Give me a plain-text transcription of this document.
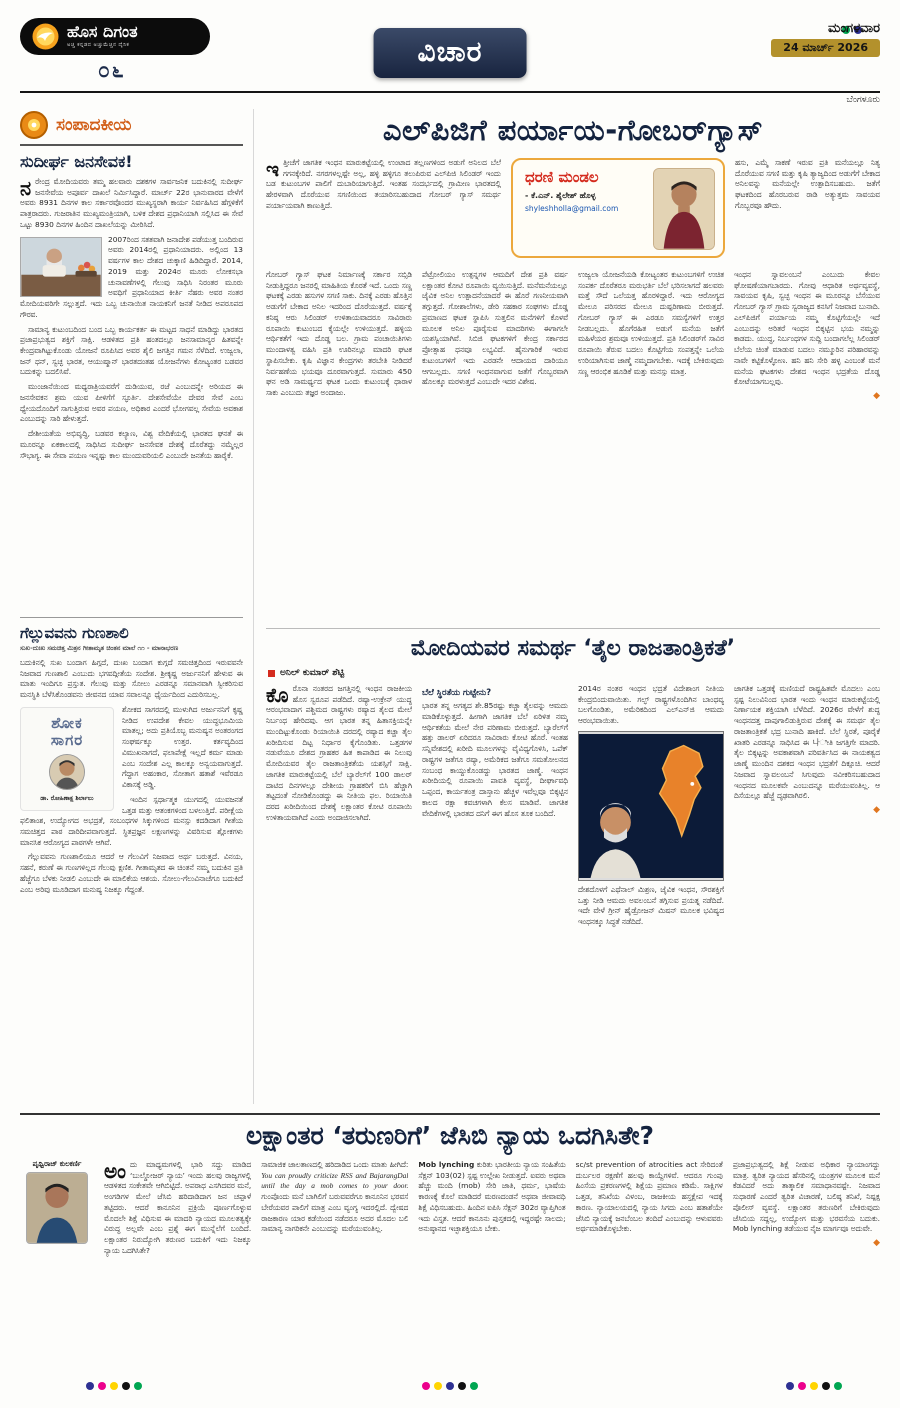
ಹೊಸ ದಿಗಂತ
ಅಚ್ಚ ಕನ್ನಡದ ಅಚ್ಚುಮೆಚ್ಚಿನ ದೈನಿಕ
೦೬
ವಿಚಾರ
ಮಂಗಳವಾರ
24 ಮಾರ್ಚ್ 2026
ಬೆಂಗಳೂರು
ಸಂಪಾದಕೀಯ
ಸುದೀರ್ಘ ಜನಸೇವಕ!

ನರೇಂದ್ರ ಮೋದಿಯವರು ತಮ್ಮ ಹಲವಾರು ದಶಕಗಳ ಸಾರ್ವಜನಿಕ ಬದುಕಿನಲ್ಲಿ ಸುದೀರ್ಘ ಜನಸೇವೆಯ ಅಪೂರ್ವ ದಾಖಲೆ ನಿರ್ಮಿಸಿದ್ದಾರೆ. ಮಾರ್ಚ್ 22ರ ಭಾನುವಾರದ ವೇಳೆಗೆ ಅವರು 8931 ದಿನಗಳ ಕಾಲ ಸರ್ಕಾರವೊಂದರ ಮುಖ್ಯಸ್ಥರಾಗಿ ಕಾರ್ಯ ನಿರ್ವಹಿಸಿದ ಹೆಗ್ಗಳಿಕೆಗೆ ಪಾತ್ರರಾದರು. ಗುಜರಾತಿನ ಮುಖ್ಯಮಂತ್ರಿಯಾಗಿ, ಬಳಿಕ ದೇಶದ ಪ್ರಧಾನಿಯಾಗಿ ಸಲ್ಲಿಸಿದ ಈ ಸೇವೆ ಒಟ್ಟು 8930 ದಿನಗಳ ಹಿಂದಿನ ದಾಖಲೆಯನ್ನು ಮೀರಿಸಿದೆ.

2007ರಿಂದ ಸತತವಾಗಿ ಜನಾದೇಶ ಪಡೆಯುತ್ತ ಬಂದಿರುವ ಅವರು 2014ರಲ್ಲಿ ಪ್ರಧಾನಿಯಾದರು. ಅಲ್ಲಿಂದ 13 ವರ್ಷಗಳ ಕಾಲ ದೇಶದ ಚುಕ್ಕಾಣಿ ಹಿಡಿದಿದ್ದಾರೆ. 2014, 2019 ಮತ್ತು 2024ರ ಮೂರು ಲೋಕಸಭಾ ಚುನಾವಣೆಗಳಲ್ಲಿ ಗೆಲುವು ಸಾಧಿಸಿ ನಿರಂತರ ಮೂರು ಅವಧಿಗೆ ಪ್ರಧಾನಿಯಾದ ಕೀರ್ತಿ ನೆಹರು ಅವರ ನಂತರ ಮೋದಿಯವರಿಗೇ ಸಲ್ಲುತ್ತದೆ. ಇದು ಒಬ್ಬ ಚುನಾಯಿತ ನಾಯಕನಿಗೆ ಜನತೆ ನೀಡಿದ ಅಪರೂಪದ ಗೌರವ.

ಸಾಮಾನ್ಯ ಕುಟುಂಬದಿಂದ ಬಂದ ಒಬ್ಬ ಕಾರ್ಯಕರ್ತ ಈ ಮಟ್ಟದ ಸಾಧನೆ ಮಾಡಿದ್ದು ಭಾರತದ ಪ್ರಜಾಪ್ರಭುತ್ವದ ಶಕ್ತಿಗೆ ಸಾಕ್ಷಿ. ಆಡಳಿತದ ಪ್ರತಿ ಹಂತದಲ್ಲೂ ಜನಸಾಮಾನ್ಯರ ಹಿತವನ್ನೇ ಕೇಂದ್ರವಾಗಿಟ್ಟುಕೊಂಡು ಯೋಜನೆ ರೂಪಿಸಿದ ಅವರ ಶೈಲಿ ಜಗತ್ತಿನ ಗಮನ ಸೆಳೆದಿದೆ. ಉಜ್ವಲಾ, ಜನ್ ಧನ್, ಸ್ವಚ್ಛ ಭಾರತ, ಆಯುಷ್ಮಾನ್ ಭಾರತದಂತಹ ಯೋಜನೆಗಳು ಕೋಟ್ಯಂತರ ಬಡವರ ಬದುಕನ್ನು ಬದಲಿಸಿವೆ.

ಮುಂಜಾನೆಯಿಂದ ಮಧ್ಯರಾತ್ರಿಯವರೆಗೆ ದುಡಿಯುವ, ರಜೆ ಎಂಬುದನ್ನೇ ಅರಿಯದ ಈ ಜನಸೇವಕನ ಶ್ರಮ ಯುವ ಪೀಳಿಗೆಗೆ ಸ್ಫೂರ್ತಿ. ದೇಶಸೇವೆಯೇ ದೇವರ ಸೇವೆ ಎಂಬ ಧ್ಯೇಯದೊಂದಿಗೆ ಸಾಗುತ್ತಿರುವ ಅವರ ಪಯಣ, ಅಧಿಕಾರ ಎಂದರೆ ಭೋಗವಲ್ಲ ಸೇವೆಯ ಅವಕಾಶ ಎಂಬುದನ್ನು ಸಾರಿ ಹೇಳುತ್ತದೆ.

ದೇಶೀಯತೆಯ ಅಭಿವೃದ್ಧಿ, ಬಡವರ ಕಲ್ಯಾಣ, ವಿಶ್ವ ವೇದಿಕೆಯಲ್ಲಿ ಭಾರತದ ಘನತೆ ಈ ಮೂರನ್ನೂ ಏಕಕಾಲದಲ್ಲಿ ಸಾಧಿಸಿದ ಸುದೀರ್ಘ ಜನಸೇವಕ ದೇಶಕ್ಕೆ ದೊರೆತದ್ದು ನಮ್ಮೆಲ್ಲರ ಸೌಭಾಗ್ಯ. ಈ ಸೇವಾ ಪಯಣ ಇನ್ನಷ್ಟು ಕಾಲ ಮುಂದುವರಿಯಲಿ ಎಂಬುದೇ ಜನತೆಯ ಹಾರೈಕೆ.

ಗೆಲ್ಲುವವನು ಗುಣಶಾಲಿ
ಸುಖ-ದುಃಖ ಸಮಚಿತ್ತ ಮಿತ್ರನ ಗೀತಾಮೃತ ಚಿಂತನ ಮಾಲೆ ೧೧ - ಮಾನಾಭರಣ

ಬದುಕಿನಲ್ಲಿ ಸುಖ ಬಂದಾಗ ಹಿಗ್ಗದೆ, ದುಃಖ ಬಂದಾಗ ಕುಗ್ಗದೆ ಸಮಚಿತ್ತದಿಂದ ಇರುವವನೇ ನಿಜವಾದ ಗುಣಶಾಲಿ ಎಂಬುದು ಭಗವದ್ಗೀತೆಯ ಸಂದೇಶ. ಶ್ರೀಕೃಷ್ಣ ಅರ್ಜುನನಿಗೆ ಹೇಳುವ ಈ ಮಾತು ಇಂದಿಗೂ ಪ್ರಸ್ತುತ. ಗೆಲುವು ಮತ್ತು ಸೋಲು ಎರಡನ್ನೂ ಸಮಾನವಾಗಿ ಸ್ವೀಕರಿಸುವ ಮನಸ್ಥಿತಿ ಬೆಳೆಸಿಕೊಂಡವನು ಜೀವನದ ಯಾವ ಸವಾಲನ್ನೂ ಧೈರ್ಯದಿಂದ ಎದುರಿಸಬಲ್ಲ.

ಶೋಕ
ಸಾಗರ
ಡಾ. ರೋಹಿಣಾಕ್ಷ ಶಿರ್ಲಾಲು

ಶೋಕದ ಸಾಗರದಲ್ಲಿ ಮುಳುಗಿದ ಅರ್ಜುನನಿಗೆ ಕೃಷ್ಣ ನೀಡಿದ ಉಪದೇಶ ಕೇವಲ ಯುದ್ಧಭೂಮಿಯ ಮಾತಲ್ಲ; ಅದು ಪ್ರತಿಯೊಬ್ಬ ಮನುಷ್ಯನ ಅಂತರಂಗದ ಸಂಘರ್ಷಕ್ಕೂ ಉತ್ತರ. ಕರ್ತವ್ಯದಿಂದ ವಿಮುಖನಾಗದೆ, ಫಲಾಪೇಕ್ಷೆ ಇಲ್ಲದೆ ಕರ್ಮ ಮಾಡು ಎಂಬ ಸಂದೇಶ ಎಲ್ಲ ಕಾಲಕ್ಕೂ ಅನ್ವಯವಾಗುತ್ತದೆ. ಗೆದ್ದಾಗ ಅಹಂಕಾರ, ಸೋತಾಗ ಹತಾಶೆ ಇವೆರಡೂ ವಿಕಾಸಕ್ಕೆ ಅಡ್ಡಿ.

ಇಂದಿನ ಸ್ಪರ್ಧಾತ್ಮಕ ಯುಗದಲ್ಲಿ ಯುವಜನತೆ ಒತ್ತಡ ಮತ್ತು ಆತಂಕಗಳಿಂದ ಬಳಲುತ್ತಿದೆ. ಪರೀಕ್ಷೆಯ ಫಲಿತಾಂಶ, ಉದ್ಯೋಗದ ಅಭದ್ರತೆ, ಸಂಬಂಧಗಳ ಸಿಕ್ಕುಗಳಿಂದ ಮನಸ್ಸು ಕದಡಿದಾಗ ಗೀತೆಯ ಸಮಚಿತ್ತದ ಪಾಠ ದಾರಿದೀಪವಾಗುತ್ತದೆ. ಸ್ಥಿತಪ್ರಜ್ಞನ ಲಕ್ಷಣಗಳನ್ನು ವಿವರಿಸುವ ಶ್ಲೋಕಗಳು ಮಾನಸಿಕ ಆರೋಗ್ಯದ ಪಾಠಗಳೇ ಆಗಿವೆ.

ಗೆಲ್ಲುವವನು ಗುಣಶಾಲಿಯೂ ಆದರೆ ಆ ಗೆಲುವಿಗೆ ನಿಜವಾದ ಅರ್ಥ ಬರುತ್ತದೆ. ವಿನಯ, ಸಹನೆ, ಕರುಣೆ ಈ ಗುಣಗಳಿಲ್ಲದ ಗೆಲುವು ಕ್ಷಣಿಕ. ಗೀತಾಮೃತದ ಈ ಚಿಂತನೆ ನಮ್ಮ ಬದುಕಿನ ಪ್ರತಿ ಹೆಜ್ಜೆಗೂ ಬೆಳಕು ನೀಡಲಿ ಎಂಬುದೇ ಈ ಮಾಲಿಕೆಯ ಆಶಯ. ಸೋಲು-ಗೆಲುವಿನಾಚೆಗೂ ಬದುಕಿದೆ ಎಂಬ ಅರಿವು ಮೂಡಿದಾಗ ಮನುಷ್ಯ ನಿಜಕ್ಕೂ ಗೆದ್ದಂತೆ.

ಎಲ್‌ಪಿಜಿಗೆ ಪರ್ಯಾಯ-ಗೋಬರ್‌ಗ್ಯಾಸ್

ಇತ್ತೀಚೆಗೆ ಜಾಗತಿಕ ಇಂಧನ ಮಾರುಕಟ್ಟೆಯಲ್ಲಿ ಉಂಟಾದ ತಲ್ಲಣಗಳಿಂದ ಅಡುಗೆ ಅನಿಲದ ಬೆಲೆ ಗಗನಕ್ಕೇರಿದೆ. ನಗರಗಳಲ್ಲಷ್ಟೇ ಅಲ್ಲ, ಹಳ್ಳಿ ಹಳ್ಳಿಗೂ ತಲುಪಿರುವ ಎಲ್‌ಪಿಜಿ ಸಿಲಿಂಡರ್ ಇಂದು ಬಡ ಕುಟುಂಬಗಳ ಪಾಲಿಗೆ ದುಬಾರಿಯಾಗುತ್ತಿದೆ. ಇಂತಹ ಸಂದರ್ಭದಲ್ಲಿ ಗ್ರಾಮೀಣ ಭಾರತದಲ್ಲಿ ಹೇರಳವಾಗಿ ದೊರೆಯುವ ಸಗಣಿಯಿಂದ ತಯಾರಿಸಬಹುದಾದ ಗೋಬರ್ ಗ್ಯಾಸ್ ಸಮರ್ಥ ಪರ್ಯಾಯವಾಗಿ ಕಾಣುತ್ತಿದೆ.

ಧರಣಿ ಮಂಡಲ
- ಕೆ.ಎನ್. ಶೈಲೇಶ್ ಹೊಳ್ಳ
shyleshholla@gmail.com

ಹಸು, ಎಮ್ಮೆ ಸಾಕಣೆ ಇರುವ ಪ್ರತಿ ಮನೆಯಲ್ಲೂ ನಿತ್ಯ ದೊರೆಯುವ ಸಗಣಿ ಮತ್ತು ಕೃಷಿ ತ್ಯಾಜ್ಯದಿಂದ ಅಡುಗೆಗೆ ಬೇಕಾದ ಅನಿಲವನ್ನು ಮನೆಯಲ್ಲೇ ಉತ್ಪಾದಿಸಬಹುದು. ಜತೆಗೆ ಘಟಕದಿಂದ ಹೊರಬರುವ ರಾಡಿ ಅತ್ಯುತ್ತಮ ಸಾವಯವ ಗೊಬ್ಬರವೂ ಹೌದು.

ಗೋಬರ್ ಗ್ಯಾಸ್ ಘಟಕ ನಿರ್ಮಾಣಕ್ಕೆ ಸರ್ಕಾರ ಸಬ್ಸಿಡಿ ನೀಡುತ್ತಿದ್ದರೂ ಜನರಲ್ಲಿ ಮಾಹಿತಿಯ ಕೊರತೆ ಇದೆ. ಒಂದು ಸಣ್ಣ ಘಟಕಕ್ಕೆ ಎರಡು ಹಸುಗಳ ಸಗಣಿ ಸಾಕು. ದಿನಕ್ಕೆ ಎರಡು ಹೊತ್ತಿನ ಅಡುಗೆಗೆ ಬೇಕಾದ ಅನಿಲ ಇದರಿಂದ ದೊರೆಯುತ್ತದೆ. ವರ್ಷಕ್ಕೆ ಕನಿಷ್ಠ ಆರು ಸಿಲಿಂಡರ್ ಉಳಿತಾಯವಾದರೂ ಸಾವಿರಾರು ರೂಪಾಯಿ ಕುಟುಂಬದ ಕೈಯಲ್ಲೇ ಉಳಿಯುತ್ತದೆ. ಹಳ್ಳಿಯ ಆರ್ಥಿಕತೆಗೆ ಇದು ದೊಡ್ಡ ಬಲ. ಗ್ರಾಮ ಪಂಚಾಯಿತಿಗಳು ಮುಂದಾಳತ್ವ ವಹಿಸಿ ಪ್ರತಿ ಊರಿನಲ್ಲೂ ಮಾದರಿ ಘಟಕ ಸ್ಥಾಪಿಸಬೇಕು. ಕೃಷಿ ವಿಜ್ಞಾನ ಕೇಂದ್ರಗಳು ತರಬೇತಿ ನೀಡಿದರೆ ನಿರ್ವಹಣೆಯ ಭಯವೂ ದೂರವಾಗುತ್ತದೆ. ಸುಮಾರು 450 ಘನ ಅಡಿ ಸಾಮರ್ಥ್ಯದ ಘಟಕ ಒಂದು ಕುಟುಂಬಕ್ಕೆ ಧಾರಾಳ ಸಾಕು ಎಂಬುದು ತಜ್ಞರ ಅಂದಾಜು.

ಪೆಟ್ರೋಲಿಯಂ ಉತ್ಪನ್ನಗಳ ಆಮದಿಗೆ ದೇಶ ಪ್ರತಿ ವರ್ಷ ಲಕ್ಷಾಂತರ ಕೋಟಿ ರೂಪಾಯಿ ವ್ಯಯಿಸುತ್ತಿದೆ. ಮನೆಮನೆಯಲ್ಲೂ ಜೈವಿಕ ಅನಿಲ ಉತ್ಪಾದನೆಯಾದರೆ ಈ ಹೊರೆ ಗಣನೀಯವಾಗಿ ತಗ್ಗುತ್ತದೆ. ಗೋಶಾಲೆಗಳು, ಡೇರಿ ಸಹಕಾರ ಸಂಘಗಳು ದೊಡ್ಡ ಪ್ರಮಾಣದ ಘಟಕ ಸ್ಥಾಪಿಸಿ ಸುತ್ತಲಿನ ಮನೆಗಳಿಗೆ ಕೊಳವೆ ಮೂಲಕ ಅನಿಲ ಪೂರೈಸುವ ಮಾದರಿಗಳು ಈಗಾಗಲೇ ಯಶಸ್ವಿಯಾಗಿವೆ. ಸಿಬಿಜಿ ಘಟಕಗಳಿಗೆ ಕೇಂದ್ರ ಸರ್ಕಾರದ ಪ್ರೋತ್ಸಾಹ ಧನವೂ ಲಭ್ಯವಿದೆ. ಹೈನುಗಾರಿಕೆ ಇರುವ ಕುಟುಂಬಗಳಿಗೆ ಇದು ಎರಡನೇ ಆದಾಯದ ದಾರಿಯೂ ಆಗಬಲ್ಲದು. ಸಗಣಿ ಇಂಧನವಾಗುವ ಜತೆಗೆ ಗೊಬ್ಬರವಾಗಿ ಹೊಲಕ್ಕೂ ಮರಳುತ್ತದೆ ಎಂಬುದೇ ಇದರ ವಿಶೇಷ.

ಉಜ್ವಲಾ ಯೋಜನೆಯಡಿ ಕೋಟ್ಯಂತರ ಕುಟುಂಬಗಳಿಗೆ ಉಚಿತ ಸಂಪರ್ಕ ದೊರೆತರೂ ಮರುಭರ್ತಿ ಬೆಲೆ ಭರಿಸಲಾಗದೆ ಹಲವರು ಮತ್ತೆ ಸೌದೆ ಒಲೆಯತ್ತ ಹೊರಳಿದ್ದಾರೆ. ಇದು ಆರೋಗ್ಯದ ಮೇಲೂ ಪರಿಸರದ ಮೇಲೂ ದುಷ್ಪರಿಣಾಮ ಬೀರುತ್ತದೆ. ಗೋಬರ್ ಗ್ಯಾಸ್ ಈ ಎರಡೂ ಸಮಸ್ಯೆಗಳಿಗೆ ಉತ್ತರ ನೀಡಬಲ್ಲದು. ಹೊಗೆರಹಿತ ಅಡುಗೆ ಮನೆಯ ಜತೆಗೆ ಮಹಿಳೆಯರ ಶ್ರಮವೂ ಉಳಿಯುತ್ತದೆ. ಪ್ರತಿ ಸಿಲಿಂಡರ್‌ಗೆ ಸಾವಿರ ರೂಪಾಯಿ ತೆರುವ ಬದಲು ಕೊಟ್ಟಿಗೆಯ ಸಂಪತ್ತನ್ನೇ ಒಲೆಯ ಉರಿಯಾಗಿಸುವ ಜಾಣ್ಮೆ ನಮ್ಮದಾಗಬೇಕು. ಇದಕ್ಕೆ ಬೇಕಿರುವುದು ಸಣ್ಣ ಆರಂಭಿಕ ಹೂಡಿಕೆ ಮತ್ತು ಮನಸ್ಸು ಮಾತ್ರ.

ಇಂಧನ ಸ್ವಾವಲಂಬನೆ ಎಂಬುದು ಕೇವಲ ಘೋಷಣೆಯಾಗಬಾರದು. ಗೋವು ಆಧಾರಿತ ಅರ್ಥವ್ಯವಸ್ಥೆ, ಸಾವಯವ ಕೃಷಿ, ಸ್ವಚ್ಛ ಇಂಧನ ಈ ಮೂರನ್ನೂ ಬೆಸೆಯುವ ಗೋಬರ್ ಗ್ಯಾಸ್ ಗ್ರಾಮ ಸ್ವರಾಜ್ಯದ ಕನಸಿಗೆ ನಿಜವಾದ ಬುನಾದಿ. ಎಲ್‌ಪಿಜಿಗೆ ಪರ್ಯಾಯ ನಮ್ಮ ಕೊಟ್ಟಿಗೆಯಲ್ಲೇ ಇದೆ ಎಂಬುದನ್ನು ಅರಿತರೆ ಇಂಧನ ಬಿಕ್ಕಟ್ಟಿನ ಭಯ ನಮ್ಮನ್ನು ಕಾಡದು. ಯುದ್ಧ, ನಿರ್ಬಂಧಗಳ ಸುದ್ದಿ ಬಂದಾಗಲೆಲ್ಲ ಸಿಲಿಂಡರ್ ಬೆಲೆಯ ಚಿಂತೆ ಮಾಡುವ ಬದಲು ನಮ್ಮೂರಿನ ಪರಿಹಾರವನ್ನು ನಾವೇ ಕಟ್ಟಿಕೊಳ್ಳೋಣ. ಹನಿ ಹನಿ ಸೇರಿ ಹಳ್ಳ ಎಂಬಂತೆ ಮನೆ ಮನೆಯ ಘಟಕಗಳು ದೇಶದ ಇಂಧನ ಭದ್ರತೆಯ ದೊಡ್ಡ ಕೋಟೆಯಾಗಬಲ್ಲವು.

◆
ಮೋದಿಯವರ ಸಮರ್ಥ ‘ತೈಲ ರಾಜತಾಂತ್ರಿಕತೆ’
ಅನಿಲ್ ಕುಮಾರ್ ಶೆಟ್ಟಿ

ಕೊರೊನಾ ನಂತರದ ಜಗತ್ತಿನಲ್ಲಿ ಇಂಧನ ರಾಜಕೀಯ ಹೊಸ ಸ್ವರೂಪ ಪಡೆದಿದೆ. ರಷ್ಯಾ-ಉಕ್ರೇನ್ ಯುದ್ಧ ಆರಂಭವಾದಾಗ ಪಶ್ಚಿಮದ ರಾಷ್ಟ್ರಗಳು ರಷ್ಯಾದ ತೈಲದ ಮೇಲೆ ನಿರ್ಬಂಧ ಹೇರಿದವು. ಆಗ ಭಾರತ ತನ್ನ ಹಿತಾಸಕ್ತಿಯನ್ನೇ ಮುಂದಿಟ್ಟುಕೊಂಡು ರಿಯಾಯಿತಿ ದರದಲ್ಲಿ ರಷ್ಯಾದ ಕಚ್ಚಾ ತೈಲ ಖರೀದಿಸುವ ದಿಟ್ಟ ನಿರ್ಧಾರ ಕೈಗೊಂಡಿತು. ಒತ್ತಡಗಳ ನಡುವೆಯೂ ದೇಶದ ಗ್ರಾಹಕರ ಹಿತ ಕಾಪಾಡಿದ ಈ ನಿಲುವು ಮೋದಿಯವರ ತೈಲ ರಾಜತಾಂತ್ರಿಕತೆಯ ಯಶಸ್ಸಿಗೆ ಸಾಕ್ಷಿ. ಜಾಗತಿಕ ಮಾರುಕಟ್ಟೆಯಲ್ಲಿ ಬೆಲೆ ಬ್ಯಾರೆಲ್‌ಗೆ 100 ಡಾಲರ್ ದಾಟಿದ ದಿನಗಳಲ್ಲೂ ದೇಶೀಯ ಗ್ರಾಹಕರಿಗೆ ಬಿಸಿ ಹೆಚ್ಚಾಗಿ ತಟ್ಟದಂತೆ ನೋಡಿಕೊಂಡದ್ದು ಈ ನೀತಿಯ ಫಲ. ರಿಯಾಯಿತಿ ದರದ ಖರೀದಿಯಿಂದ ದೇಶಕ್ಕೆ ಲಕ್ಷಾಂತರ ಕೋಟಿ ರೂಪಾಯಿ ಉಳಿತಾಯವಾಗಿದೆ ಎಂದು ಅಂದಾಜಿಸಲಾಗಿದೆ.

ಬೆಲೆ ಸ್ಥಿರತೆಯ ಗುಟ್ಟೇನು?

ಭಾರತ ತನ್ನ ಅಗತ್ಯದ ಶೇ.85ರಷ್ಟು ಕಚ್ಚಾ ತೈಲವನ್ನು ಆಮದು ಮಾಡಿಕೊಳ್ಳುತ್ತದೆ. ಹೀಗಾಗಿ ಜಾಗತಿಕ ಬೆಲೆ ಏರಿಳಿತ ನಮ್ಮ ಆರ್ಥಿಕತೆಯ ಮೇಲೆ ನೇರ ಪರಿಣಾಮ ಬೀರುತ್ತದೆ. ಬ್ಯಾರೆಲ್‌ಗೆ ಹತ್ತು ಡಾಲರ್ ಏರಿದರೂ ಸಾವಿರಾರು ಕೋಟಿ ಹೊರೆ. ಇಂತಹ ಸನ್ನಿವೇಶದಲ್ಲಿ ಖರೀದಿ ಮೂಲಗಳನ್ನು ವೈವಿಧ್ಯಗೊಳಿಸಿ, ಒಪೆಕ್ ರಾಷ್ಟ್ರಗಳ ಜತೆಗೂ ರಷ್ಯಾ, ಅಮೆರಿಕದ ಜತೆಗೂ ಸಮತೋಲನದ ಸಂಬಂಧ ಕಾಯ್ದುಕೊಂಡದ್ದು ಭಾರತದ ಜಾಣ್ಮೆ. ಇಂಧನ ಖರೀದಿಯಲ್ಲಿ ರೂಪಾಯಿ ಪಾವತಿ ವ್ಯವಸ್ಥೆ, ದೀರ್ಘಾವಧಿ ಒಪ್ಪಂದ, ಕಾರ್ಯತಂತ್ರ ದಾಸ್ತಾನು ಹೆಚ್ಚಳ ಇವೆಲ್ಲವೂ ಬಿಕ್ಕಟ್ಟಿನ ಕಾಲದ ರಕ್ಷಾ ಕವಚಗಳಾಗಿ ಕೆಲಸ ಮಾಡಿವೆ. ಜಾಗತಿಕ ವೇದಿಕೆಗಳಲ್ಲಿ ಭಾರತದ ದನಿಗೆ ಈಗ ಹೊಸ ತೂಕ ಬಂದಿದೆ.

2014ರ ನಂತರ ಇಂಧನ ಭದ್ರತೆ ವಿದೇಶಾಂಗ ನೀತಿಯ ಕೇಂದ್ರಬಿಂದುವಾಯಿತು. ಗಲ್ಫ್ ರಾಷ್ಟ್ರಗಳೊಂದಿಗಿನ ಬಾಂಧವ್ಯ ಬಲಗೊಂಡಿತು, ಅಮೆರಿಕದಿಂದ ಎಲ್‌ಎನ್‌ಜಿ ಆಮದು ಆರಂಭವಾಯಿತು.

ದೇಶದೊಳಗೆ ಎಥೆನಾಲ್ ಮಿಶ್ರಣ, ಜೈವಿಕ ಇಂಧನ, ಸೌರಶಕ್ತಿಗೆ ಒತ್ತು ನೀಡಿ ಆಮದು ಅವಲಂಬನೆ ತಗ್ಗಿಸುವ ಪ್ರಯತ್ನ ನಡೆದಿದೆ. ಇದೇ ವೇಳೆ ಗ್ರೀನ್ ಹೈಡ್ರೋಜನ್ ಮಿಷನ್ ಮೂಲಕ ಭವಿಷ್ಯದ ಇಂಧನಕ್ಕೂ ಸಿದ್ಧತೆ ನಡೆದಿದೆ.

ಜಾಗತಿಕ ಒತ್ತಡಕ್ಕೆ ಮಣಿಯದೆ ರಾಷ್ಟ್ರಹಿತವೇ ಮೊದಲು ಎಂಬ ಸ್ಪಷ್ಟ ನಿಲುವಿನಿಂದ ಭಾರತ ಇಂದು ಇಂಧನ ಮಾರುಕಟ್ಟೆಯಲ್ಲಿ ನಿರ್ಣಾಯಕ ಶಕ್ತಿಯಾಗಿ ಬೆಳೆದಿದೆ. 2026ರ ವೇಳೆಗೆ ಶುದ್ಧ ಇಂಧನದತ್ತ ದಾಪುಗಾಲಿಡುತ್ತಿರುವ ದೇಶಕ್ಕೆ ಈ ಸಮರ್ಥ ತೈಲ ರಾಜತಾಂತ್ರಿಕತೆ ಭದ್ರ ಬುನಾದಿ ಹಾಕಿದೆ. ಬೆಲೆ ಸ್ಥಿರತೆ, ಪೂರೈಕೆ ಖಾತರಿ ಎರಡನ್ನೂ ಸಾಧಿಸಿದ ಈ 나ೀತಿ ಜಗತ್ತಿಗೇ ಮಾದರಿ. ತೈಲ ಬಿಕ್ಕಟ್ಟನ್ನು ಅವಕಾಶವಾಗಿ ಪರಿವರ್ತಿಸಿದ ಈ ನಾಯಕತ್ವದ ಜಾಣ್ಮೆ ಮುಂದಿನ ದಶಕದ ಇಂಧನ ಭದ್ರತೆಗೆ ದಿಕ್ಸೂಚಿ. ಆದರೆ ನಿಜವಾದ ಸ್ವಾವಲಂಬನೆ ಸಿಗುವುದು ನವೀಕರಿಸಬಹುದಾದ ಇಂಧನದ ಮೂಲಕವೇ ಎಂಬುದನ್ನೂ ಮರೆಯುವಂತಿಲ್ಲ. ಆ ದಿಸೆಯಲ್ಲೂ ಹೆಜ್ಜೆ ದೃಢವಾಗಿರಲಿ.

◆
ಲಕ್ಷಾಂತರ ‘ತರುಣರಿಗೆ’ ಜೆಸಿಬಿ ನ್ಯಾಯ ಒದಗಿಸಿತೇ?
ಪೃಥ್ವಿರಾಜ್ ಕುಲಕರ್ಣಿ	ಅಂದು ಮಾಧ್ಯಮಗಳಲ್ಲಿ ಭಾರಿ ಸದ್ದು ಮಾಡಿದ ‘ಬುಲ್ಡೋಜರ್ ನ್ಯಾಯ’ ಇಂದು ಹಲವು ರಾಜ್ಯಗಳಲ್ಲಿ ಆಡಳಿತದ ಸಂಕೇತವೇ ಆಗಿಬಿಟ್ಟಿದೆ. ಅಪರಾಧ ಎಸಗಿದವರ ಮನೆ, ಅಂಗಡಿಗಳ ಮೇಲೆ ಜೆಸಿಬಿ ಹರಿದಾಡಿದಾಗ ಜನ ಚಪ್ಪಾಳೆ ತಟ್ಟಿದರು. ಆದರೆ ಕಾನೂನಿನ ಪ್ರಕ್ರಿಯೆ ಪೂರ್ಣಗೊಳ್ಳುವ ಮೊದಲೇ ಶಿಕ್ಷೆ ವಿಧಿಸುವ ಈ ಮಾದರಿ ನ್ಯಾಯದ ಮೂಲತತ್ವಕ್ಕೇ ವಿರುದ್ಧ ಅಲ್ಲವೇ ಎಂಬ ಪ್ರಶ್ನೆ ಈಗ ಮುನ್ನೆಲೆಗೆ ಬಂದಿದೆ. ಲಕ್ಷಾಂತರ ನಿರುದ್ಯೋಗಿ ತರುಣರ ಬದುಕಿಗೆ ಇದು ನಿಜಕ್ಕೂ ನ್ಯಾಯ ಒದಗಿಸಿತೇ?

ಸಾಮಾಜಿಕ ಜಾಲತಾಣದಲ್ಲಿ ಹರಿದಾಡಿದ ಒಂದು ಮಾತು ಹೀಗಿದೆ: You can proudly criticize RSS and BajarangDal until the day a mob comes to your door. ಗುಂಪೊಂದು ಮನೆ ಬಾಗಿಲಿಗೆ ಬರುವವರೆಗೂ ಕಾನೂನಿನ ಭರವಸೆ ಬೇರೆಯವರ ಪಾಲಿಗೆ ಮಾತ್ರ ಎಂಬ ವ್ಯಂಗ್ಯ ಇದರಲ್ಲಿದೆ. ದ್ವೇಷದ ರಾಜಕಾರಣ ಯಾರ ಕಡೆಯಿಂದ ನಡೆದರೂ ಅದರ ಮೊದಲ ಬಲಿ ಸಾಮಾನ್ಯ ನಾಗರಿಕನೇ ಎಂಬುದನ್ನು ಮರೆಯುವಂತಿಲ್ಲ.

Mob lynching ಕುರಿತು ಭಾರತೀಯ ನ್ಯಾಯ ಸಂಹಿತೆಯ ಸೆಕ್ಷನ್ 103(02) ಸ್ಪಷ್ಟ ಉಲ್ಲೇಖ ನೀಡುತ್ತದೆ. ಐವರು ಅಥವಾ ಹೆಚ್ಚು ಮಂದಿ (mob) ಸೇರಿ ಜಾತಿ, ಧರ್ಮ, ಭಾಷೆಯ ಕಾರಣಕ್ಕೆ ಕೊಲೆ ಮಾಡಿದರೆ ಮರಣದಂಡನೆ ಅಥವಾ ಜೀವಾವಧಿ ಶಿಕ್ಷೆ ವಿಧಿಸಬಹುದು. ಹಿಂದಿನ ಐಪಿಸಿ ಸೆಕ್ಷನ್ 302ರ ವ್ಯಾಪ್ತಿಗಿಂತ ಇದು ವಿಸ್ತೃತ. ಆದರೆ ಕಾನೂನು ಪುಸ್ತಕದಲ್ಲಿ ಇದ್ದರಷ್ಟೇ ಸಾಲದು; ಅನುಷ್ಠಾನದ ಇಚ್ಛಾಶಕ್ತಿಯೂ ಬೇಕು.

sc/st prevention of atrocities act ಸೇರಿದಂತೆ ದುರ್ಬಲರ ರಕ್ಷಣೆಗೆ ಹಲವು ಕಾಯ್ದೆಗಳಿವೆ. ಆದರೂ ಗುಂಪು ಹಿಂಸೆಯ ಪ್ರಕರಣಗಳಲ್ಲಿ ಶಿಕ್ಷೆಯ ಪ್ರಮಾಣ ಕಡಿಮೆ. ಸಾಕ್ಷಿಗಳ ಒತ್ತಡ, ತನಿಖೆಯ ವಿಳಂಬ, ರಾಜಕೀಯ ಹಸ್ತಕ್ಷೇಪ ಇದಕ್ಕೆ ಕಾರಣ. ನ್ಯಾಯಾಲಯದಲ್ಲಿ ನ್ಯಾಯ ಸಿಗದು ಎಂಬ ಹತಾಶೆಯೇ ಜೆಸಿಬಿ ನ್ಯಾಯಕ್ಕೆ ಜನಬೆಂಬಲ ತಂದಿದೆ ಎಂಬುದನ್ನು ಆಳುವವರು ಅರ್ಥಮಾಡಿಕೊಳ್ಳಬೇಕು.

ಪ್ರಜಾಪ್ರಭುತ್ವದಲ್ಲಿ ಶಿಕ್ಷೆ ನೀಡುವ ಅಧಿಕಾರ ನ್ಯಾಯಾಂಗದ್ದು ಮಾತ್ರ. ತ್ವರಿತ ನ್ಯಾಯದ ಹೆಸರಿನಲ್ಲಿ ಯಂತ್ರಗಳ ಮೂಲಕ ಮನೆ ಕೆಡವಿದರೆ ಅದು ತಾತ್ಕಾಲಿಕ ಸಮಾಧಾನವಷ್ಟೇ. ನಿಜವಾದ ಸುಧಾರಣೆ ಎಂದರೆ ತ್ವರಿತ ವಿಚಾರಣೆ, ಬಲಿಷ್ಠ ತನಿಖೆ, ನಿಷ್ಪಕ್ಷ ಪೊಲೀಸ್ ವ್ಯವಸ್ಥೆ. ಲಕ್ಷಾಂತರ ತರುಣರಿಗೆ ಬೇಕಿರುವುದು ಜೆಸಿಬಿಯ ಸದ್ದಲ್ಲ, ಉದ್ಯೋಗ ಮತ್ತು ಭರವಸೆಯ ಬದುಕು. Mob lynching ತಡೆಯುವ ನೈಜ ಮಾರ್ಗವೂ ಅದುವೇ.

◆
